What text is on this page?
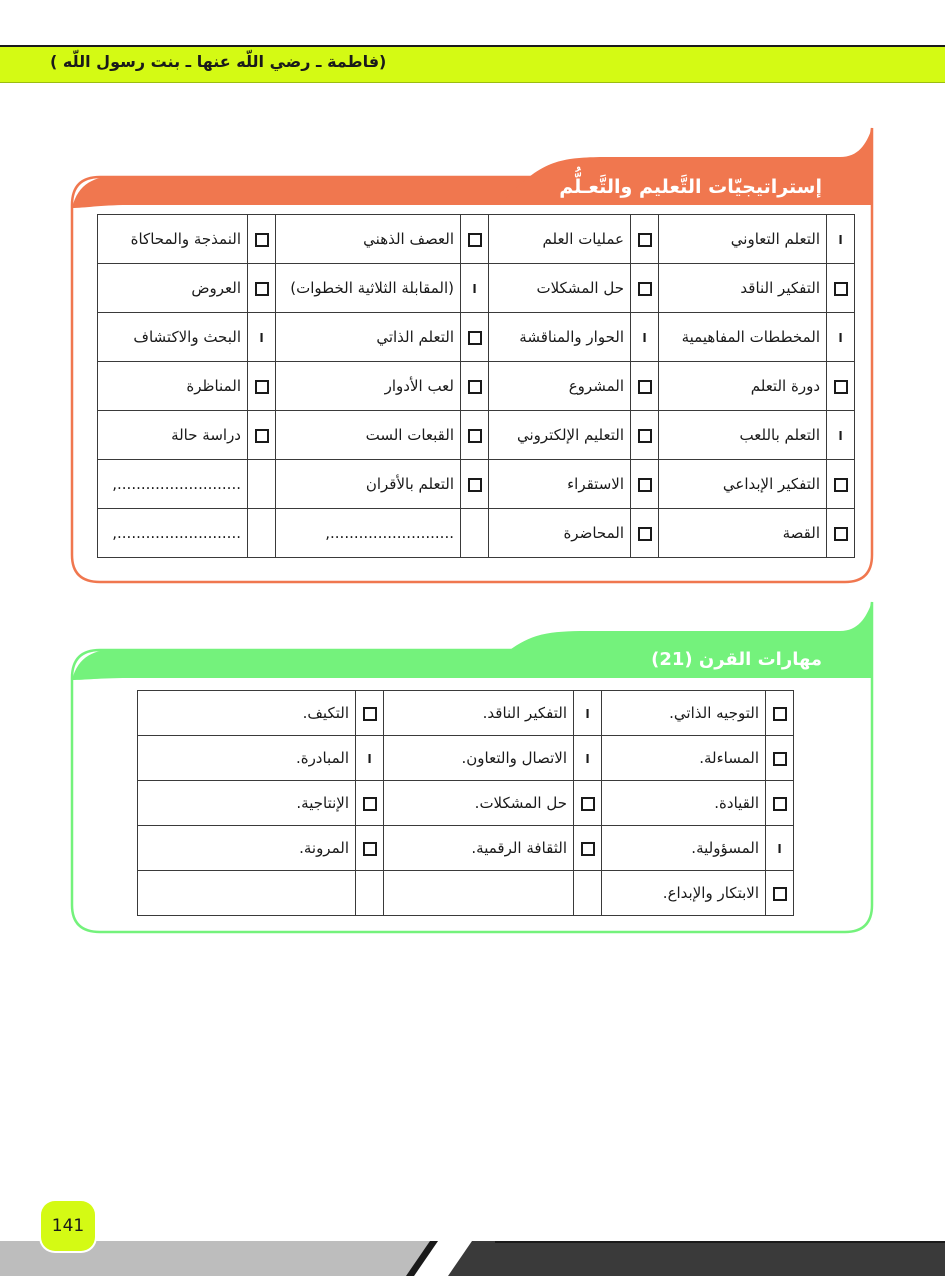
(فاطمة ـ رضي اللّه عنها ـ بنت رسول اللّه )
إستراتيجيّات التَّعليم والتَّعـلُّم
مهارات القرن (21)
ا	التعلم التعاوني		عمليات العلم		العصف الذهني		النمذجة والمحاكاة

	التفكير الناقد		حل المشكلات	ا	(المقابلة الثلاثية الخطوات)		العروض

ا	المخططات المفاهيمية	ا	الحوار والمناقشة		التعلم الذاتي	ا	البحث والاكتشاف

	دورة التعلم		المشروع		لعب الأدوار		المناظرة

ا	التعلم باللعب		التعليم الإلكتروني		القبعات الست		دراسة حالة

	التفكير الإبداعي		الاستقراء		التعلم بالأقران		..........................,

	القصة		المحاضرة		..........................,		..........................,

	التوجيه الذاتي.	ا	التفكير الناقد.		التكيف.

	المساءلة.	ا	الاتصال والتعاون.	ا	المبادرة.

	القيادة.		حل المشكلات.		الإنتاجية.

ا	المسؤولية.		الثقافة الرقمية.		المرونة.

	الابتكار والإبداع.				

141
